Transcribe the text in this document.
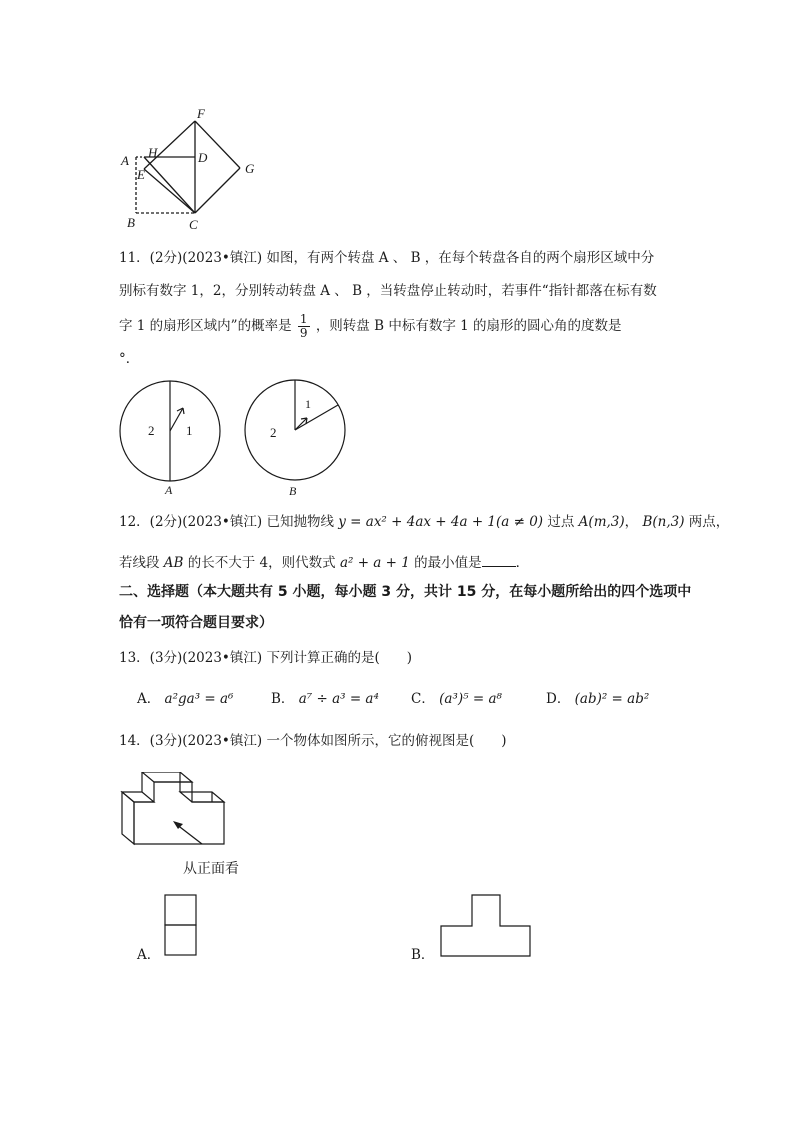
F
A
H	D
E	G
B	C
11．(2分)(2023•镇江) 如图，有两个转盘 A 、 B ，在每个转盘各自的两个扇形区域中分
别标有数字 1，2，分别转动转盘 A 、 B ，当转盘停止转动时，若事件“指针都落在标有数
字 1 的扇形区域内”的概率是 $\frac{1}{9}$ ，则转盘 B 中标有数字 1 的扇形的圆心角的度数是
°．
2 1
A
1
2
B
12．(2分)(2023•镇江) 已知抛物线 y = ax² + 4ax + 4a + 1(a ≠ 0) 过点 A(m,3)， B(n,3) 两点，
若线段 AB 的长不大于 4，则代数式 a² + a + 1 的最小值是	．
二、选择题（本大题共有 5 小题，每小题 3 分，共计 15 分，在每小题所给出的四个选项中
恰有一项符合题目要求）
13．(3分)(2023•镇江) 下列计算正确的是(　　)
A． a²ga³ = a⁶	B． a⁷ ÷ a³ = a⁴ C． (a³)⁵ = a⁸	D． (ab)² = ab²
14．(3分)(2023•镇江) 一个物体如图所示，它的俯视图是(　　)
从正面看
A．	B．
